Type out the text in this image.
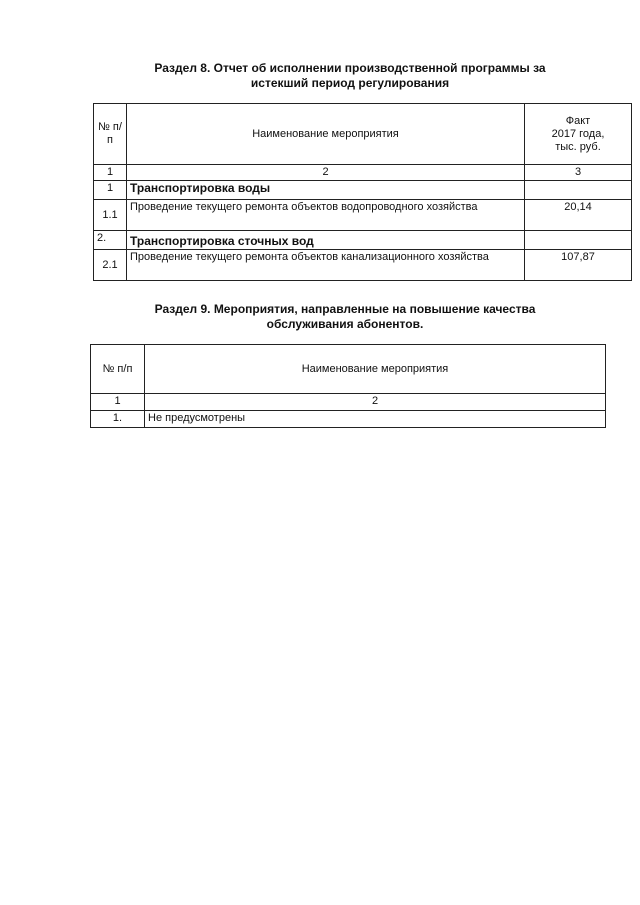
Раздел 8. Отчет об исполнении производственной программы за
истекший период регулирования
№ п/п	Наименование мероприятия	Факт
2017 года,
тыс. руб.

1	2	3
1	Транспортировка воды	
1.1	Проведение текущего ремонта объектов водопроводного хозяйства	20,14
2.	Транспортировка сточных вод	
2.1	Проведение текущего ремонта объектов канализационного хозяйства	107,87
Раздел 9. Мероприятия, направленные на повышение качества
обслуживания абонентов.
№ п/п	Наименование мероприятия
1	2
1.	Не предусмотрены
